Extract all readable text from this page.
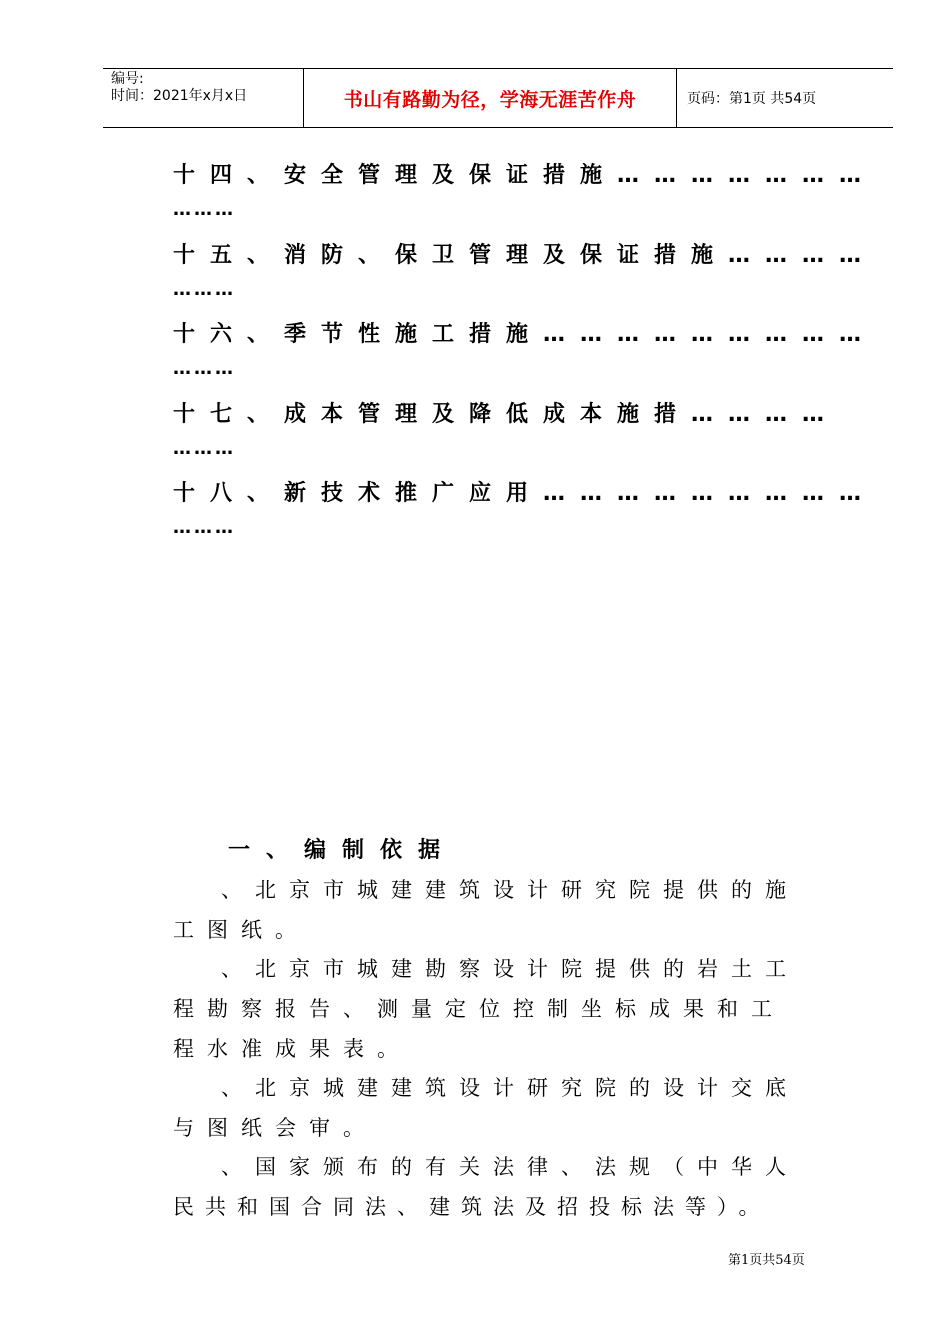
编号:
时间：2021年x月x日	书山有路勤为径，学海无涯苦作舟	页码：第1页 共54页
十四、安全管理及保证措施…………………
………
十五、消防、保卫管理及保证措施…………
………
十六、季节性施工措施………………………
………
十七、成本管理及降低成本施措…………
………
十八、新技术推广应用………………………
………
一、编制依据
、北京市城建建筑设计研究院提供的施
工图纸。
、北京市城建勘察设计院提供的岩土工
程勘察报告、测量定位控制坐标成果和工
程水准成果表。
、北京城建建筑设计研究院的设计交底
与图纸会审。
、国家颁布的有关法律、法规（中华人
民共和国合同法、建筑法及招投标法等）。
第1页共54页
